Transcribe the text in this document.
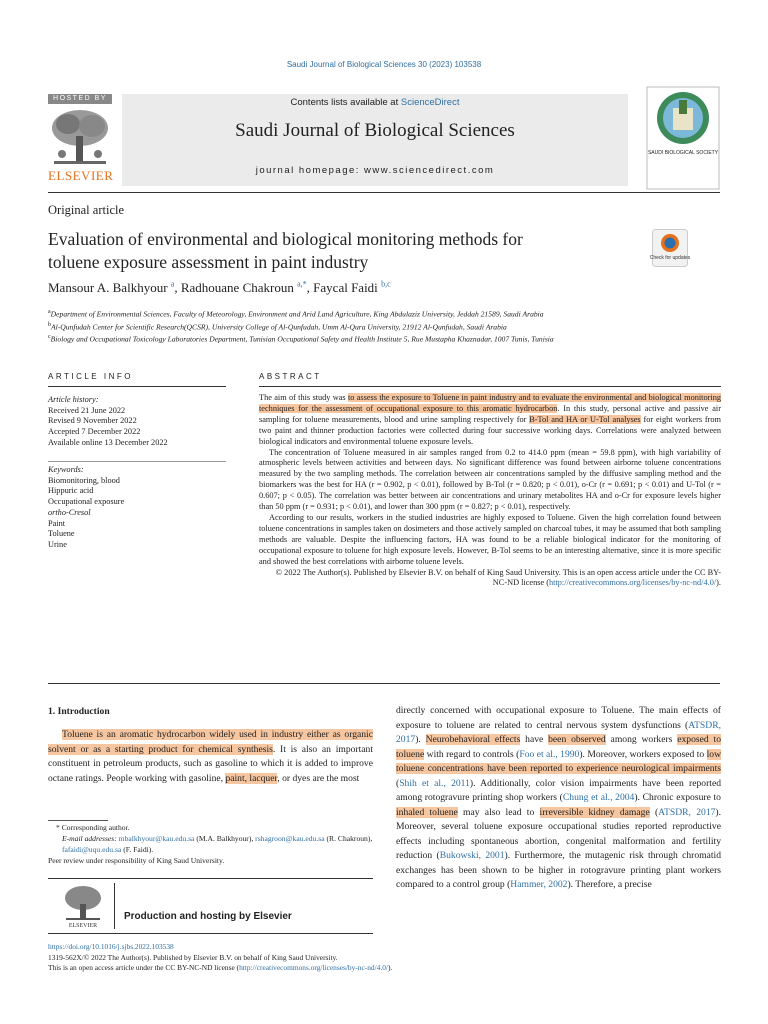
Saudi Journal of Biological Sciences 30 (2023) 103538
HOSTED BY
ELSEVIER
Contents lists available at ScienceDirect
Saudi Journal of Biological Sciences
journal homepage: www.sciencedirect.com
SAUDI BIOLOGICAL SOCIETY
Original article
Evaluation of environmental and biological monitoring methods for
toluene exposure assessment in paint industry	Check for updates
Mansour A. Balkhyour $^a$, Radhouane Chakroun $^{a,*}$, Faycal Faidi $^{b,c}$
$^a$Department of Environmental Sciences, Faculty of Meteorology, Environment and Arid Land Agriculture, King Abdulaziz University, Jeddah 21589, Saudi Arabia
$^b$Al-Qunfudah Center for Scientific Research(QCSR), University College of Al-Qunfudah, Umm Al-Qura University, 21912 Al-Qunfudah, Saudi Arabia
$^c$Biology and Occupational Toxicology Laboratories Department, Tunisian Occupational Safety and Health Institute 5, Rue Mustapha Khaznadar, 1007 Tunis, Tunisia
ARTICLE INFO
Article history:
Received 21 June 2022
Revised 9 November 2022
Accepted 7 December 2022
Available online 13 December 2022
Keywords:
Biomonitoring, blood
Hippuric acid
Occupational exposure
ortho-Cresol
Paint
Toluene
Urine
ABSTRACT

The aim of this study was to assess the exposure to Toluene in paint industry and to evaluate the environmental and biological monitoring techniques for the assessment of occupational exposure to this aromatic hydrocarbon. In this study, personal active and passive air sampling for toluene measurements, blood and urine sampling respectively for B-Tol and HA or U-Tol analyses for eight workers from two paint and thinner production factories were collected during four successive working days. Correlations were analyzed between biological indicators and environmental toluene exposure levels.

The concentration of Toluene measured in air samples ranged from 0.2 to 414.0 ppm (mean = 59.8 ppm), with high variability of atmospheric levels between activities and between days. No significant difference was found between airborne toluene concentrations measured by the two sampling methods. The correlation between air concentrations sampled by the diffusive sampling method and the biomarkers was the best for HA (r = 0.902, p < 0.01), followed by B-Tol (r = 0.820; p < 0.01), o-Cr (r = 0.691; p < 0.01) and U-Tol (r = 0.607; p < 0.05). The correlation was better between air concentrations and urinary metabolites HA and o-Cr for exposure levels higher than 50 ppm (r = 0.931; p < 0.01), and lower than 300 ppm (r = 0.827; p < 0.01), respectively.

According to our results, workers in the studied industries are highly exposed to Toluene. Given the high correlation found between toluene concentrations in samples taken on dosimeters and those actively sampled on charcoal tubes, it may be assumed that both sampling methods are valuable. Despite the influencing factors, HA was found to be a reliable biological indicator for the monitoring of occupational exposure to toluene for high exposure levels. However, B-Tol seems to be an interesting alternative, since it is more specific and showed the best correlations with airborne toluene levels.

© 2022 The Author(s). Published by Elsevier B.V. on behalf of King Saud University. This is an open access article under the CC BY-NC-ND license (http://creativecommons.org/licenses/by-nc-nd/4.0/).

1. Introduction

Toluene is an aromatic hydrocarbon widely used in industry either as organic solvent or as a starting product for chemical synthesis. It is also an important constituent in petroleum products, such as gasoline to which it is added to improve octane ratings. People working with gasoline, paint, lacquer, or dyes are the most

directly concerned with occupational exposure to Toluene. The main effects of exposure to toluene are related to central nervous system dysfunctions (ATSDR, 2017). Neurobehavioral effects have been observed among workers exposed to toluene with regard to controls (Foo et al., 1990). Moreover, workers exposed to low toluene concentrations have been reported to experience neurological impairments (Shih et al., 2011). Additionally, color vision impairments have been reported among rotogravure printing shop workers (Chung et al., 2004). Chronic exposure to inhaled toluene may also lead to irreversible kidney damage (ATSDR, 2017). Moreover, several toluene exposure occupational studies reported reproductive effects including spontaneous abortion, congenital malformation and fertility reduction (Bukowski, 2001). Furthermore, the mutagenic risk through chromatid exchanges has been shown to be higher in rotogravure printing plant workers compared to a control group (Hammer, 2002). Therefore, a precise

* Corresponding author.
E-mail addresses: mbalkhyour@kau.edu.sa (M.A. Balkhyour), rshagroon@kau.edu.sa (R. Chakroun), fafaidi@uqu.edu.sa (F. Faidi).
Peer review under responsibility of King Saud University.
ELSEVIER
Production and hosting by Elsevier
https://doi.org/10.1016/j.sjbs.2022.103538
1319-562X/© 2022 The Author(s). Published by Elsevier B.V. on behalf of King Saud University.
This is an open access article under the CC BY-NC-ND license (http://creativecommons.org/licenses/by-nc-nd/4.0/).
